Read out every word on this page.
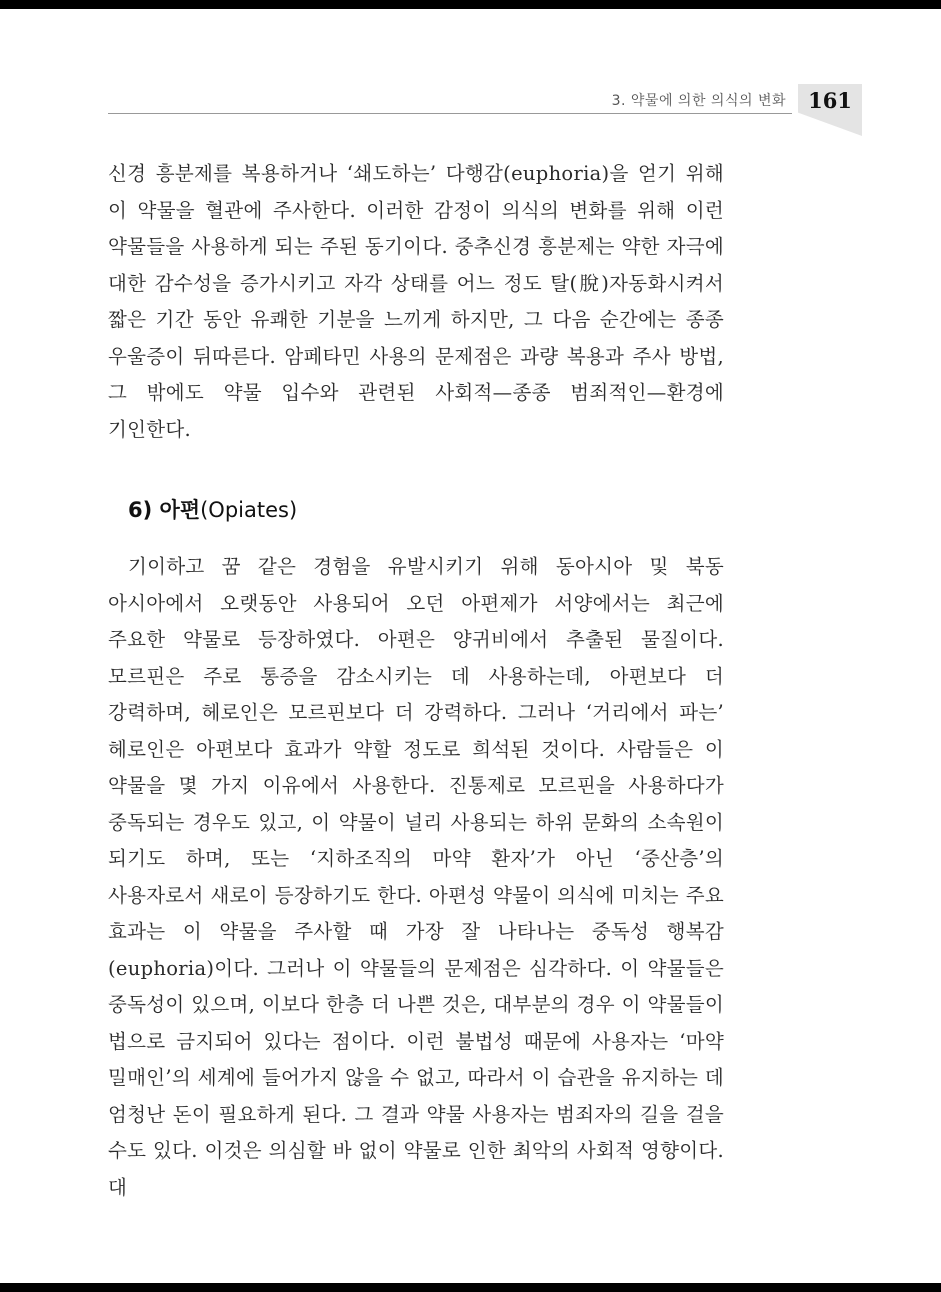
3. 약물에 의한 의식의 변화	161

신경 흥분제를 복용하거나 ‘쇄도하는’ 다행감(euphoria)을 얻기 위해 이 약물을 혈관에 주사한다. 이러한 감정이 의식의 변화를 위해 이런 약물들을 사용하게 되는 주된 동기이다. 중추신경 흥분제는 약한 자극에 대한 감수성을 증가시키고 자각 상태를 어느 정도 탈(脫)자동화시켜서 짧은 기간 동안 유쾌한 기분을 느끼게 하지만, 그 다음 순간에는 종종 우울증이 뒤따른다. 암페타민 사용의 문제점은 과량 복용과 주사 방법, 그 밖에도 약물 입수와 관련된 사회적—종종 범죄적인—환경에 기인한다.

6) 아편(Opiates)

기이하고 꿈 같은 경험을 유발시키기 위해 동아시아 및 북동 아시아에서 오랫동안 사용되어 오던 아편제가 서양에서는 최근에 주요한 약물로 등장하였다. 아편은 양귀비에서 추출된 물질이다. 모르핀은 주로 통증을 감소시키는 데 사용하는데, 아편보다 더 강력하며, 헤로인은 모르핀보다 더 강력하다. 그러나 ‘거리에서 파는’ 헤로인은 아편보다 효과가 약할 정도로 희석된 것이다. 사람들은 이 약물을 몇 가지 이유에서 사용한다. 진통제로 모르핀을 사용하다가 중독되는 경우도 있고, 이 약물이 널리 사용되는 하위 문화의 소속원이 되기도 하며, 또는 ‘지하조직의 마약 환자’가 아닌 ‘중산층’의 사용자로서 새로이 등장하기도 한다. 아편성 약물이 의식에 미치는 주요 효과는 이 약물을 주사할 때 가장 잘 나타나는 중독성 행복감(euphoria)이다. 그러나 이 약물들의 문제점은 심각하다. 이 약물들은 중독성이 있으며, 이보다 한층 더 나쁜 것은, 대부분의 경우 이 약물들이 법으로 금지되어 있다는 점이다. 이런 불법성 때문에 사용자는 ‘마약 밀매인’의 세계에 들어가지 않을 수 없고, 따라서 이 습관을 유지하는 데 엄청난 돈이 필요하게 된다. 그 결과 약물 사용자는 범죄자의 길을 걸을 수도 있다. 이것은 의심할 바 없이 약물로 인한 최악의 사회적 영향이다. 대
